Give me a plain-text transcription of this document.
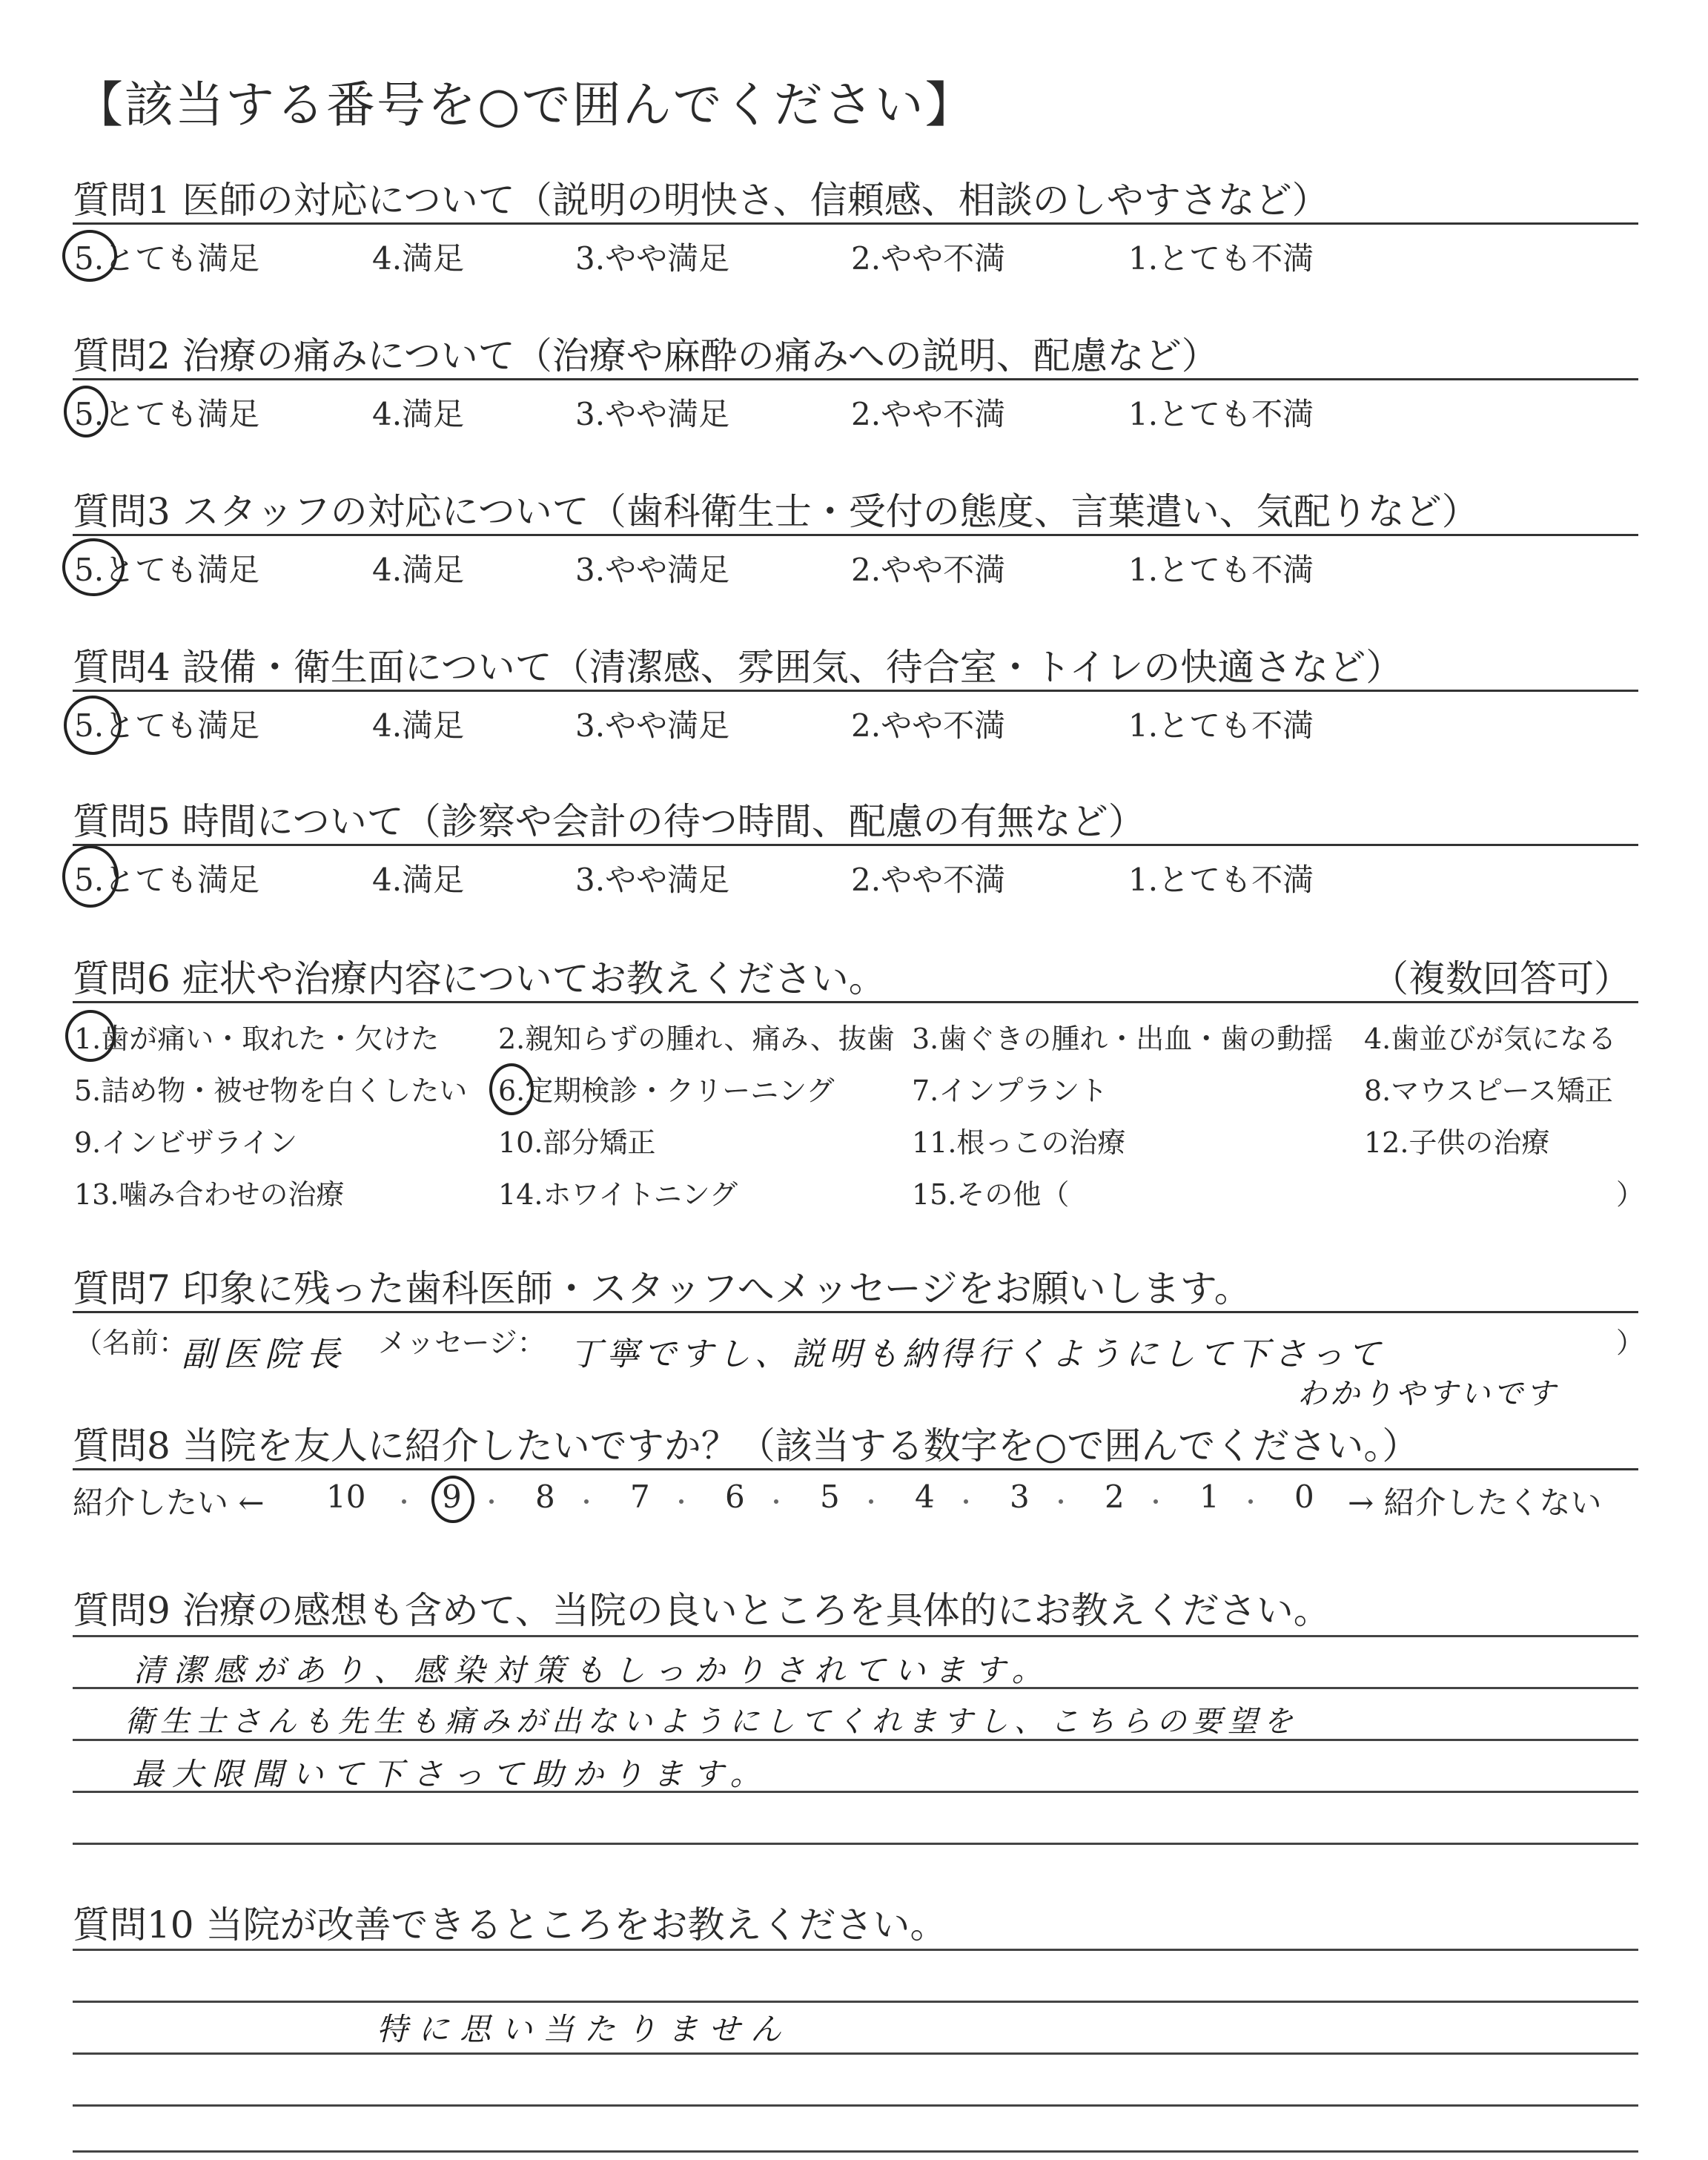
【該当する番号を○で囲んでください】
質問1 医師の対応について（説明の明快さ、信頼感、相談のしやすさなど）
5.とても満足	4.満足	3.やや満足	2.やや不満	1.とても不満
質問2 治療の痛みについて（治療や麻酔の痛みへの説明、配慮など）
5.とても満足	4.満足	3.やや満足	2.やや不満	1.とても不満
質問3 スタッフの対応について（歯科衛生士・受付の態度、言葉遣い、気配りなど）
5.とても満足	4.満足	3.やや満足	2.やや不満	1.とても不満
質問4 設備・衛生面について（清潔感、雰囲気、待合室・トイレの快適さなど）
5.とても満足	4.満足	3.やや満足	2.やや不満	1.とても不満
質問5 時間について（診察や会計の待つ時間、配慮の有無など）
5.とても満足	4.満足	3.やや満足	2.やや不満	1.とても不満
質問6 症状や治療内容についてお教えください。	（複数回答可）
1.歯が痛い・取れた・欠けた 2.親知らずの腫れ、痛み、抜歯 3.歯ぐきの腫れ・出血・歯の動揺 4.歯並びが気になる
5.詰め物・被せ物を白くしたい 6.定期検診・クリーニング	7.インプラント	8.マウスピース矯正
9.インビザライン	10.部分矯正	11.根っこの治療	12.子供の治療
13.噛み合わせの治療	14.ホワイトニング	15.その他（	）
質問7 印象に残った歯科医師・スタッフへメッセージをお願いします。
（名前：
副医院長 メッセージ： 丁寧ですし、説明も納得行くようにして下さって
わかりやすいです
）
質問8 当院を友人に紹介したいですか？（該当する数字を○で囲んでください。）
紹介したい ← 10 9 8 7 6 5 4 3 2 1 0 → 紹介したくない
質問9 治療の感想も含めて、当院の良いところを具体的にお教えください。
清潔感があり、感染対策もしっかりされています。
衛生士さんも先生も痛みが出ないようにしてくれますし、こちらの要望を
最大限聞いて下さって助かります。
質問10 当院が改善できるところをお教えください。
特に思い当たりません
